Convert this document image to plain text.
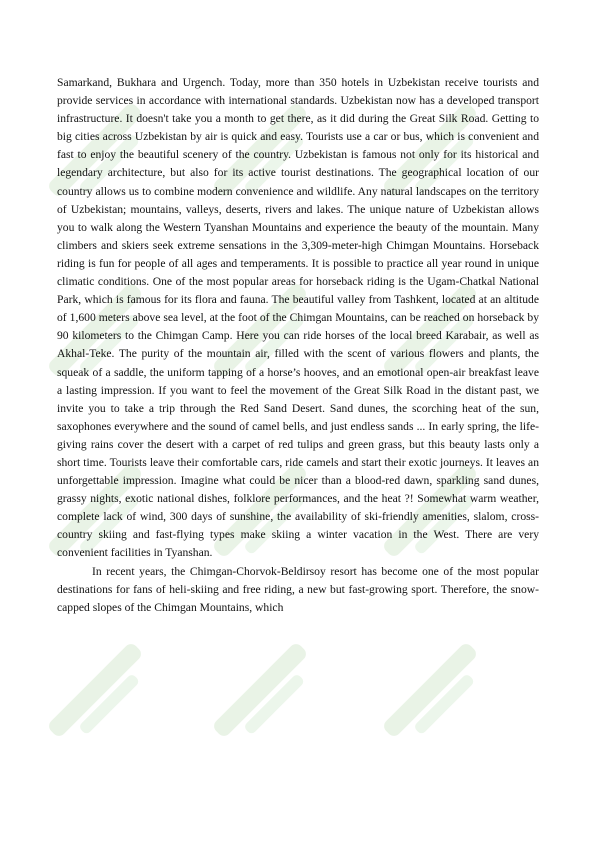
Samarkand, Bukhara and Urgench. Today, more than 350 hotels in Uzbekistan receive tourists and provide services in accordance with international standards. Uzbekistan now has a developed transport infrastructure. It doesn't take you a month to get there, as it did during the Great Silk Road. Getting to big cities across Uzbekistan by air is quick and easy. Tourists use a car or bus, which is convenient and fast to enjoy the beautiful scenery of the country. Uzbekistan is famous not only for its historical and legendary architecture, but also for its active tourist destinations. The geographical location of our country allows us to combine modern convenience and wildlife. Any natural landscapes on the territory of Uzbekistan; mountains, valleys, deserts, rivers and lakes. The unique nature of Uzbekistan allows you to walk along the Western Tyanshan Mountains and experience the beauty of the mountain. Many climbers and skiers seek extreme sensations in the 3,309-meter-high Chimgan Mountains. Horseback riding is fun for people of all ages and temperaments. It is possible to practice all year round in unique climatic conditions. One of the most popular areas for horseback riding is the Ugam-Chatkal National Park, which is famous for its flora and fauna. The beautiful valley from Tashkent, located at an altitude of 1,600 meters above sea level, at the foot of the Chimgan Mountains, can be reached on horseback by 90 kilometers to the Chimgan Camp. Here you can ride horses of the local breed Karabair, as well as Akhal-Teke. The purity of the mountain air, filled with the scent of various flowers and plants, the squeak of a saddle, the uniform tapping of a horse’s hooves, and an emotional open-air breakfast leave a lasting impression. If you want to feel the movement of the Great Silk Road in the distant past, we invite you to take a trip through the Red Sand Desert. Sand dunes, the scorching heat of the sun, saxophones everywhere and the sound of camel bells, and just endless sands ... In early spring, the life-giving rains cover the desert with a carpet of red tulips and green grass, but this beauty lasts only a short time. Tourists leave their comfortable cars, ride camels and start their exotic journeys. It leaves an unforgettable impression. Imagine what could be nicer than a blood-red dawn, sparkling sand dunes, grassy nights, exotic national dishes, folklore performances, and the heat ?! Somewhat warm weather, complete lack of wind, 300 days of sunshine, the availability of ski-friendly amenities, slalom, cross-country skiing and fast-flying types make skiing a winter vacation in the West. There are very convenient facilities in Tyanshan.

In recent years, the Chimgan-Chorvok-Beldirsoy resort has become one of the most popular destinations for fans of heli-skiing and free riding, a new but fast-growing sport. Therefore, the snow-capped slopes of the Chimgan Mountains, which
